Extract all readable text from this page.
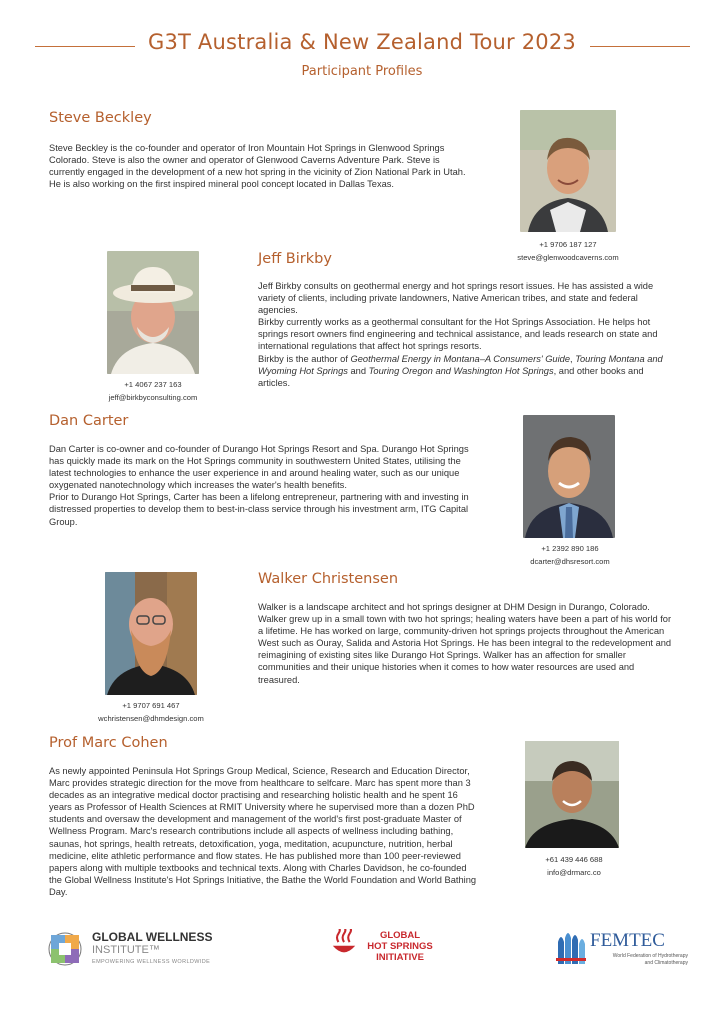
G3T Australia & New Zealand Tour 2023
Participant Profiles
Steve Beckley

Steve Beckley is the co-founder and operator of Iron Mountain Hot Springs in Glenwood Springs Colorado. Steve is also the owner and operator of Glenwood Caverns Adventure Park. Steve is currently engaged in the development of a new hot spring in the vicinity of Zion National Park in Utah. He is also working on the first inspired mineral pool concept located in Dallas Texas.

+1 9706 187 127
steve@glenwoodcaverns.com
+1 4067 237 163
jeff@birkbyconsulting.com
Jeff Birkby

Jeff Birkby consults on geothermal energy and hot springs resort issues. He has assisted a wide variety of clients, including private landowners, Native American tribes, and state and federal agencies.

Birkby currently works as a geothermal consultant for the Hot Springs Association. He helps hot springs resort owners find engineering and technical assistance, and leads research on state and international regulations that affect hot springs resorts.

Birkby is the author of Geothermal Energy in Montana–A Consumers' Guide, Touring Montana and Wyoming Hot Springs and Touring Oregon and Washington Hot Springs, and other books and articles.

Dan Carter

Dan Carter is co-owner and co-founder of Durango Hot Springs Resort and Spa. Durango Hot Springs has quickly made its mark on the Hot Springs community in southwestern United States, utilising the latest technologies to enhance the user experience in and around healing water, such as our unique oxygenated nanotechnology which increases the water's health benefits.

Prior to Durango Hot Springs, Carter has been a lifelong entrepreneur, partnering with and investing in distressed properties to develop them to best-in-class service through his investment arm, ITG Capital Group.

+1 2392 890 186
dcarter@dhsresort.com
+1 9707 691 467
wchristensen@dhmdesign.com
Walker Christensen

Walker is a landscape architect and hot springs designer at DHM Design in Durango, Colorado. Walker grew up in a small town with two hot springs; healing waters have been a part of his world for a lifetime. He has worked on large, community-driven hot springs projects throughout the American West such as Ouray, Salida and Astoria Hot Springs. He has been integral to the redevelopment and reimagining of existing sites like Durango Hot Springs. Walker has an affection for smaller communities and their unique histories when it comes to how water resources are used and treasured.

Prof Marc Cohen

As newly appointed Peninsula Hot Springs Group Medical, Science, Research and Education Director, Marc provides strategic direction for the move from healthcare to selfcare. Marc has spent more than 3 decades as an integrative medical doctor practising and researching holistic health and he spent 16 years as Professor of Health Sciences at RMIT University where he supervised more than a dozen PhD students and oversaw the development and management of the world's first post-graduate Master of Wellness Program. Marc's research contributions include all aspects of wellness including bathing, saunas, hot springs, health retreats, detoxification, yoga, meditation, acupuncture, nutrition, herbal medicine, elite athletic performance and flow states. He has published more than 100 peer-reviewed papers along with multiple textbooks and technical texts. Along with Charles Davidson, he co-founded the Global Wellness Institute's Hot Springs Initiative, the Bathe the World Foundation and World Bathing Day.

+61 439 446 688
info@drmarc.co
GLOBAL WELLNESS
INSTITUTE™
EMPOWERING WELLNESS WORLDWIDE
GLOBAL
HOT SPRINGS
INITIATIVE
FEMTEC
World Federation of Hydrotherapy
and Climatotherapy
